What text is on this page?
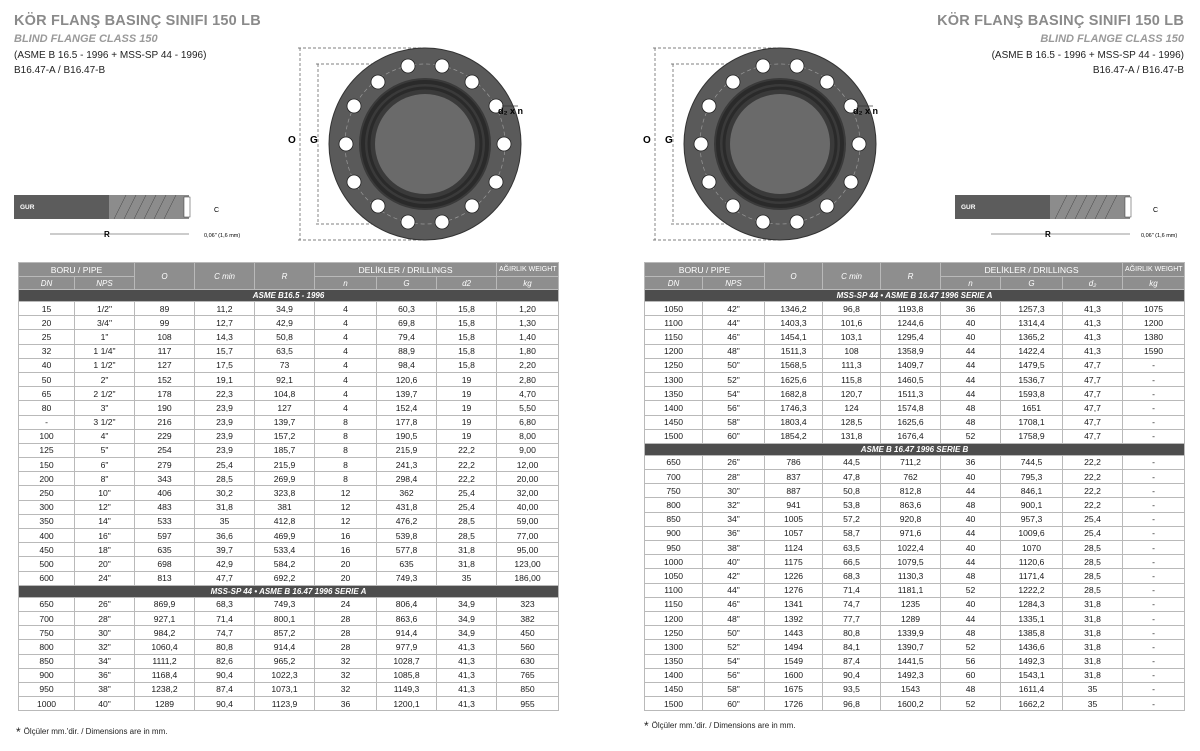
KÖR FLANŞ BASINÇ SINIFI 150 LB
BLIND FLANGE CLASS 150
(ASME B 16.5 - 1996 + MSS-SP 44 - 1996)
B16.47-A / B16.47-B
O G
d₂ x n
GUR
R
C
0,06" (1,6 mm)
BORU / PIPE		O	C min	R	DELİKLER / DRILLINGS			AĞIRLIK WEIGHT
DN	NPS				n	G	d2	kg
ASME B16.5 - 1996								
15	1/2"	89	11,2	34,9	4	60,3	15,8	1,20
20	3/4"	99	12,7	42,9	4	69,8	15,8	1,30
25	1"	108	14,3	50,8	4	79,4	15,8	1,40
32	1 1/4"	117	15,7	63,5	4	88,9	15,8	1,80
40	1 1/2"	127	17,5	73	4	98,4	15,8	2,20
50	2"	152	19,1	92,1	4	120,6	19	2,80
65	2 1/2"	178	22,3	104,8	4	139,7	19	4,70
80	3"	190	23,9	127	4	152,4	19	5,50
-	3 1/2"	216	23,9	139,7	8	177,8	19	6,80
100	4"	229	23,9	157,2	8	190,5	19	8,00
125	5"	254	23,9	185,7	8	215,9	22,2	9,00
150	6"	279	25,4	215,9	8	241,3	22,2	12,00
200	8"	343	28,5	269,9	8	298,4	22,2	20,00
250	10"	406	30,2	323,8	12	362	25,4	32,00
300	12"	483	31,8	381	12	431,8	25,4	40,00
350	14"	533	35	412,8	12	476,2	28,5	59,00
400	16"	597	36,6	469,9	16	539,8	28,5	77,00
450	18"	635	39,7	533,4	16	577,8	31,8	95,00
500	20"	698	42,9	584,2	20	635	31,8	123,00
600	24"	813	47,7	692,2	20	749,3	35	186,00
MSS-SP 44 • ASME B 16.47 1996 SERIE A								
650	26"	869,9	68,3	749,3	24	806,4	34,9	323
700	28"	927,1	71,4	800,1	28	863,6	34,9	382
750	30"	984,2	74,7	857,2	28	914,4	34,9	450
800	32"	1060,4	80,8	914,4	28	977,9	41,3	560
850	34"	1111,2	82,6	965,2	32	1028,7	41,3	630
900	36"	1168,4	90,4	1022,3	32	1085,8	41,3	765
950	38"	1238,2	87,4	1073,1	32	1149,3	41,3	850
1000	40"	1289	90,4	1123,9	36	1200,1	41,3	955
* Ölçüler mm.'dir. / Dimensions are in mm.
KÖR FLANŞ BASINÇ SINIFI 150 LB
BLIND FLANGE CLASS 150
(ASME B 16.5 - 1996 + MSS-SP 44 - 1996)
B16.47-A / B16.47-B
O G
d₂ x n
GUR
R
C
0,06" (1,6 mm)
BORU / PIPE		O	C min	R	DELİKLER / DRILLINGS			AĞIRLIK WEIGHT
DN	NPS				n	G	d₂	kg
MSS-SP 44 • ASME B 16.47 1996 SERIE A								
1050	42"	1346,2	96,8	1193,8	36	1257,3	41,3	1075
1100	44"	1403,3	101,6	1244,6	40	1314,4	41,3	1200
1150	46"	1454,1	103,1	1295,4	40	1365,2	41,3	1380
1200	48"	1511,3	108	1358,9	44	1422,4	41,3	1590
1250	50"	1568,5	111,3	1409,7	44	1479,5	47,7	-
1300	52"	1625,6	115,8	1460,5	44	1536,7	47,7	-
1350	54"	1682,8	120,7	1511,3	44	1593,8	47,7	-
1400	56"	1746,3	124	1574,8	48	1651	47,7	-
1450	58"	1803,4	128,5	1625,6	48	1708,1	47,7	-
1500	60"	1854,2	131,8	1676,4	52	1758,9	47,7	-
ASME B 16.47 1996 SERIE B								
650	26"	786	44,5	711,2	36	744,5	22,2	-
700	28"	837	47,8	762	40	795,3	22,2	-
750	30"	887	50,8	812,8	44	846,1	22,2	-
800	32"	941	53,8	863,6	48	900,1	22,2	-
850	34"	1005	57,2	920,8	40	957,3	25,4	-
900	36"	1057	58,7	971,6	44	1009,6	25,4	-
950	38"	1124	63,5	1022,4	40	1070	28,5	-
1000	40"	1175	66,5	1079,5	44	1120,6	28,5	-
1050	42"	1226	68,3	1130,3	48	1171,4	28,5	-
1100	44"	1276	71,4	1181,1	52	1222,2	28,5	-
1150	46"	1341	74,7	1235	40	1284,3	31,8	-
1200	48"	1392	77,7	1289	44	1335,1	31,8	-
1250	50"	1443	80,8	1339,9	48	1385,8	31,8	-
1300	52"	1494	84,1	1390,7	52	1436,6	31,8	-
1350	54"	1549	87,4	1441,5	56	1492,3	31,8	-
1400	56"	1600	90,4	1492,3	60	1543,1	31,8	-
1450	58"	1675	93,5	1543	48	1611,4	35	-
1500	60"	1726	96,8	1600,2	52	1662,2	35	-
* Ölçüler mm.'dir. / Dimensions are in mm.
